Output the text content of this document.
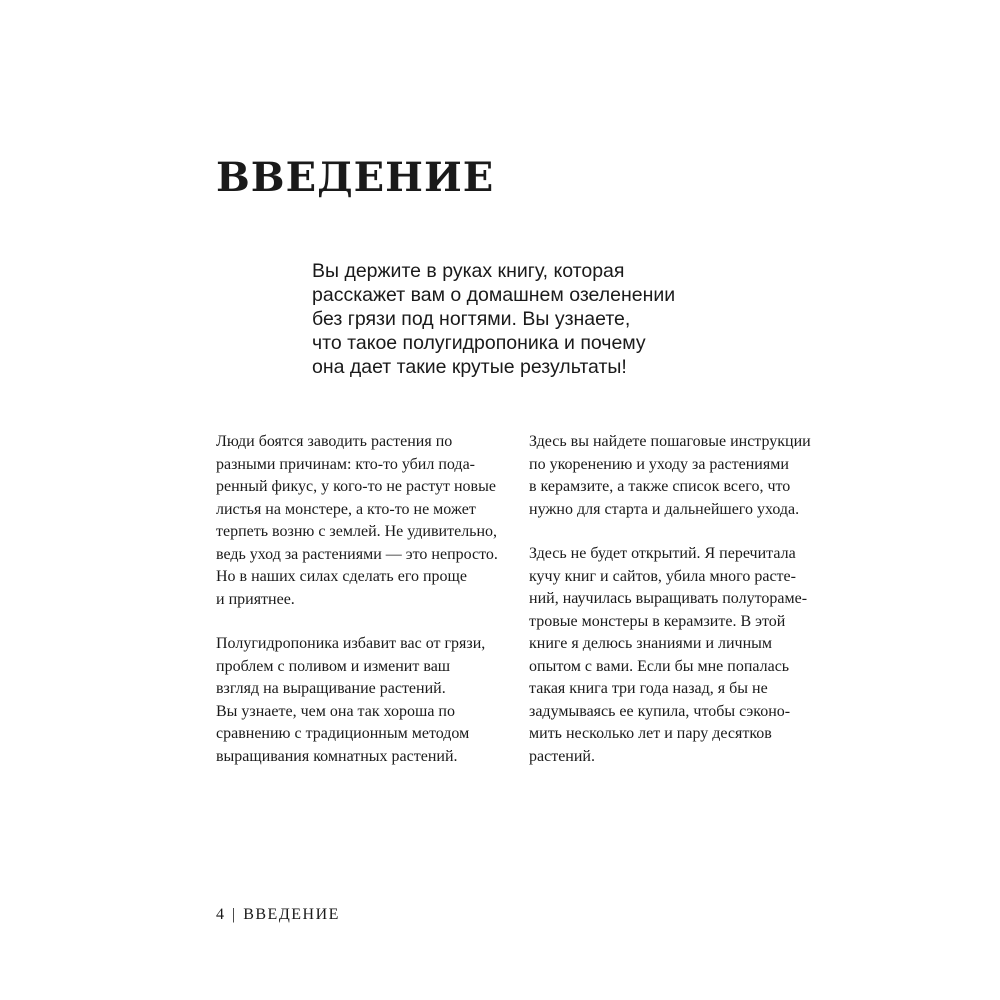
ВВЕДЕНИЕ

Вы держите в руках книгу, которая
расскажет вам о домашнем озеленении
без грязи под ногтями. Вы узнаете,
что такое полугидропоника и почему
она дает такие крутые результаты!

Люди боятся заводить растения по
разными причинам: кто-то убил пода-
ренный фикус, у кого-то не растут новые
листья на монстере, а кто-то не может
терпеть возню с землей. Не удивительно,
ведь уход за растениями — это непросто.
Но в наших силах сделать его проще
и приятнее.

Полугидропоника избавит вас от грязи,
проблем с поливом и изменит ваш
взгляд на выращивание растений.
Вы узнаете, чем она так хороша по
сравнению с традиционным методом
выращивания комнатных растений.

Здесь вы найдете пошаговые инструкции
по укоренению и уходу за растениями
в керамзите, а также список всего, что
нужно для старта и дальнейшего ухода.

Здесь не будет открытий. Я перечитала
кучу книг и сайтов, убила много расте-
ний, научилась выращивать полутораме-
тровые монстеры в керамзите. В этой
книге я делюсь знаниями и личным
опытом с вами. Если бы мне попалась
такая книга три года назад, я бы не
задумываясь ее купила, чтобы сэконо-
мить несколько лет и пару десятков
растений.

4 | ВВЕДЕНИЕ
